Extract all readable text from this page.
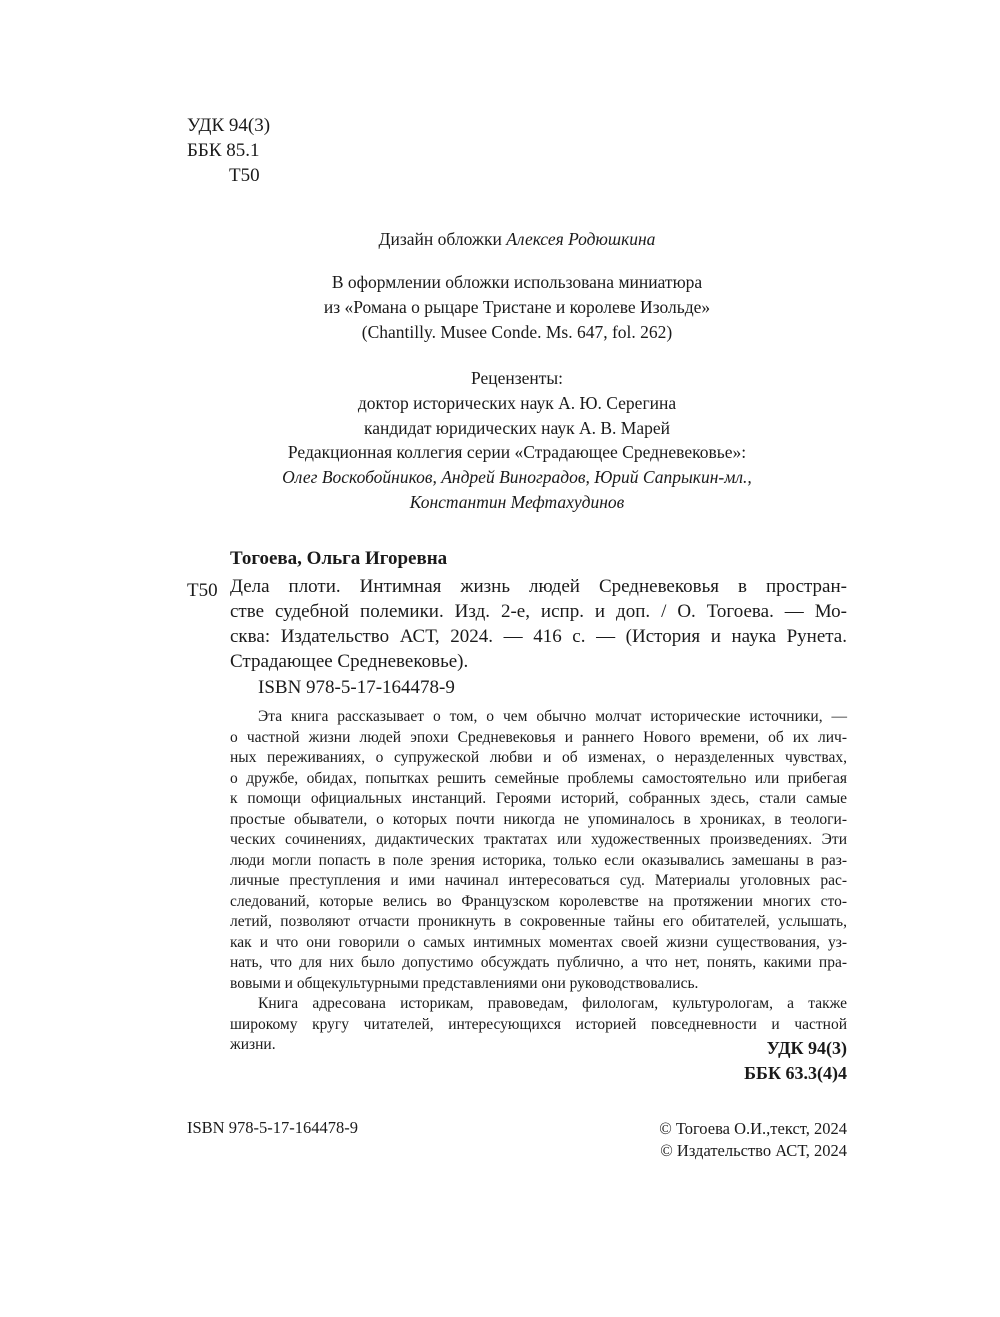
УДК 94(3)
ББК 85.1
Т50
Дизайн обложки Алексея Родюшкина
В оформлении обложки использована миниатюра
из «Романа о рыцаре Тристане и королеве Изольде»
(Chantilly. Musee Conde. Ms. 647, fol. 262)
Рецензенты:
доктор исторических наук А. Ю. Серегина
кандидат юридических наук А. В. Марей
Редакционная коллегия серии «Страдающее Средневековье»:
Олег Воскобойников, Андрей Виноградов, Юрий Сапрыкин-мл.,
Константин Мефтахудинов
Тогоева, Ольга Игоревна
Т50 Дела плоти. Интимная жизнь людей Средневековья в простран-
стве судебной полемики. Изд. 2-е, испр. и доп. / О. Тогоева. — Мо-
сква: Издательство АСТ, 2024. — 416 с. — (История и наука Рунета.
Страдающее Средневековье).
ISBN 978-5-17-164478-9
Эта книга рассказывает о том, о чем обычно молчат исторические источники, —
о частной жизни людей эпохи Средневековья и раннего Нового времени, об их лич-
ных переживаниях, о супружеской любви и об изменах, о неразделенных чувствах,
о дружбе, обидах, попытках решить семейные проблемы самостоятельно или прибегая
к помощи официальных инстанций. Героями историй, собранных здесь, стали самые
простые обыватели, о которых почти никогда не упоминалось в хрониках, в теологи-
ческих сочинениях, дидактических трактатах или художественных произведениях. Эти
люди могли попасть в поле зрения историка, только если оказывались замешаны в раз-
личные преступления и ими начинал интересоваться суд. Материалы уголовных рас-
следований, которые велись во Французском королевстве на протяжении многих сто-
летий, позволяют отчасти проникнуть в сокровенные тайны его обитателей, услышать,
как и что они говорили о самых интимных моментах своей жизни существования, уз-
нать, что для них было допустимо обсуждать публично, а что нет, понять, какими пра-
вовыми и общекультурными представлениями они руководствовались.
Книга адресована историкам, правоведам, филологам, культурологам, а также
широкому кругу читателей, интересующихся историей повседневности и частной
жизни.	УДК 94(3)
ББК 63.3(4)4
ISBN 978-5-17-164478-9	© Тогоева О.И.,текст, 2024
© Издательство АСТ, 2024
